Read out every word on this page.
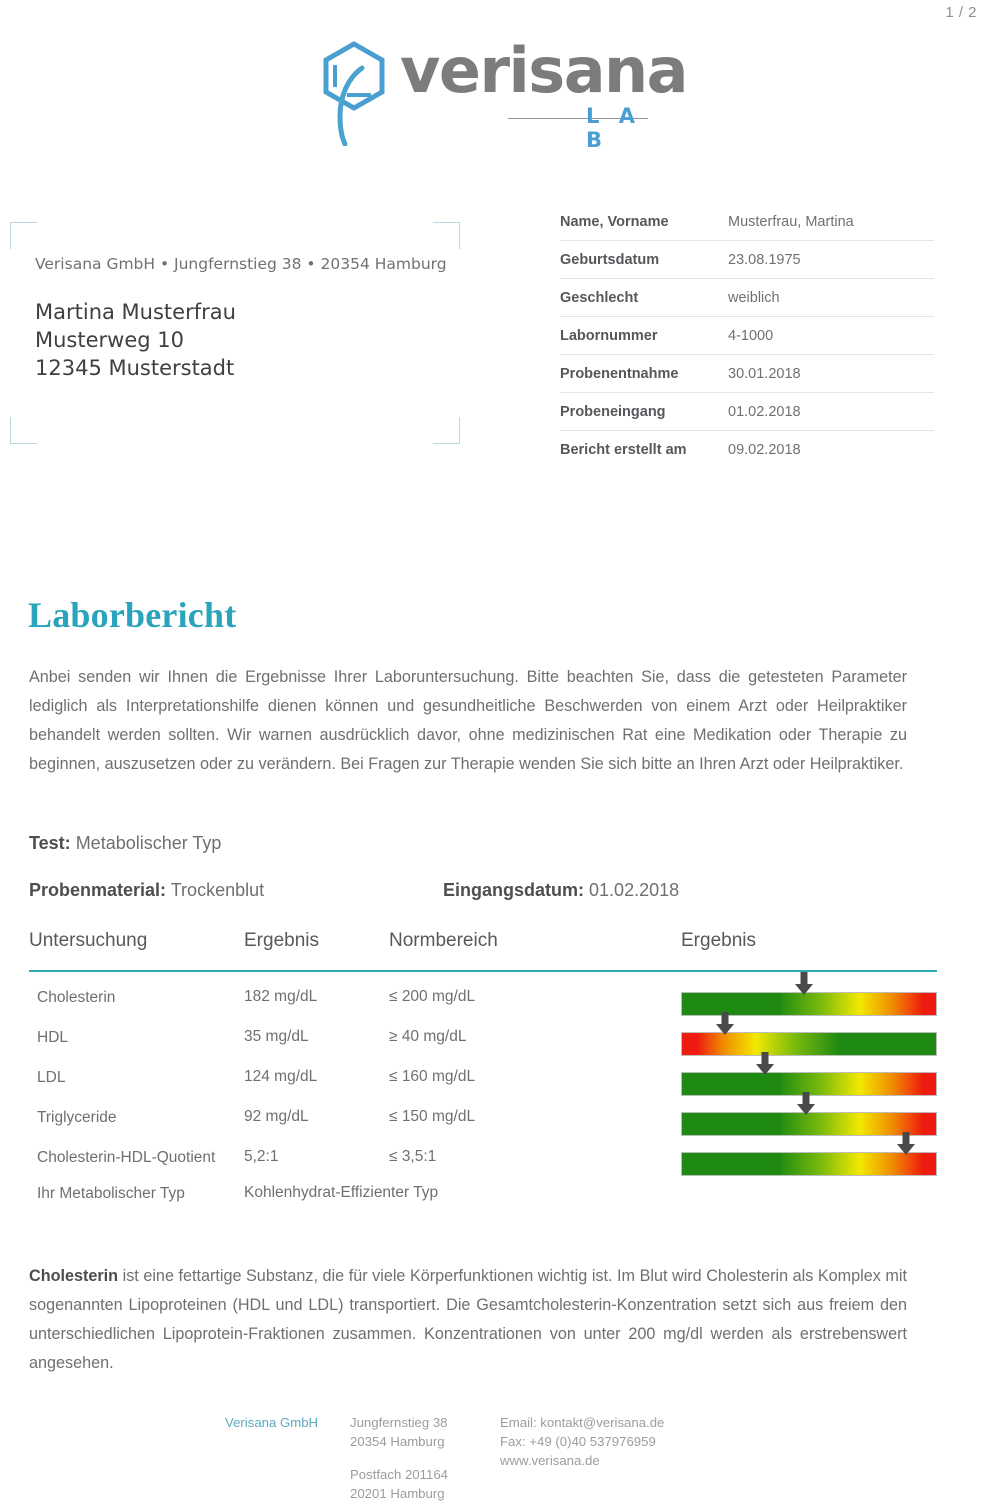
1 / 2
verisana
L A B
Verisana GmbH • Jungfernstieg 38 • 20354 Hamburg
Martina Musterfrau
Musterweg 10
12345 Musterstadt
Name, Vorname	Musterfrau, Martina
Geburtsdatum	23.08.1975
Geschlecht	weiblich
Labornummer	4-1000
Probenentnahme	30.01.2018
Probeneingang	01.02.2018
Bericht erstellt am	09.02.2018
Laborbericht
Anbei senden wir Ihnen die Ergebnisse Ihrer Laboruntersuchung. Bitte beachten Sie, dass die getesteten Parameter lediglich als Interpretationshilfe dienen können und gesundheitliche Beschwerden von einem Arzt oder Heilpraktiker behandelt werden sollten. Wir warnen ausdrücklich davor, ohne medizinischen Rat eine Medikation oder Therapie zu beginnen, auszusetzen oder zu verändern. Bei Fragen zur Therapie wenden Sie sich bitte an Ihren Arzt oder Heilpraktiker.
Test: Metabolischer Typ
Probenmaterial: Trockenblut	Eingangsdatum: 01.02.2018
Untersuchung	Ergebnis	Normbereich	Ergebnis
Cholesterin	182 mg/dL	≤ 200 mg/dL
HDL	35 mg/dL	≥ 40 mg/dL
LDL	124 mg/dL	≤ 160 mg/dL
Triglyceride	92 mg/dL	≤ 150 mg/dL
Cholesterin-HDL-Quotient	5,2:1	≤ 3,5:1
Ihr Metabolischer Typ	Kohlenhydrat-Effizienter Typ
Cholesterin ist eine fettartige Substanz, die für viele Körperfunktionen wichtig ist. Im Blut wird Cholesterin als Komplex mit sogenannten Lipoproteinen (HDL und LDL) transportiert. Die Gesamtcholesterin-Konzentration setzt sich aus freiem den unterschiedlichen Lipoprotein-Fraktionen zusammen. Konzentrationen von unter 200 mg/dl werden als erstrebenswert angesehen.
Verisana GmbH Jungfernstieg 38
20354 Hamburg
Postfach 201164
20201 Hamburg
Email: kontakt@verisana.de
Fax: +49 (0)40 537976959
www.verisana.de
